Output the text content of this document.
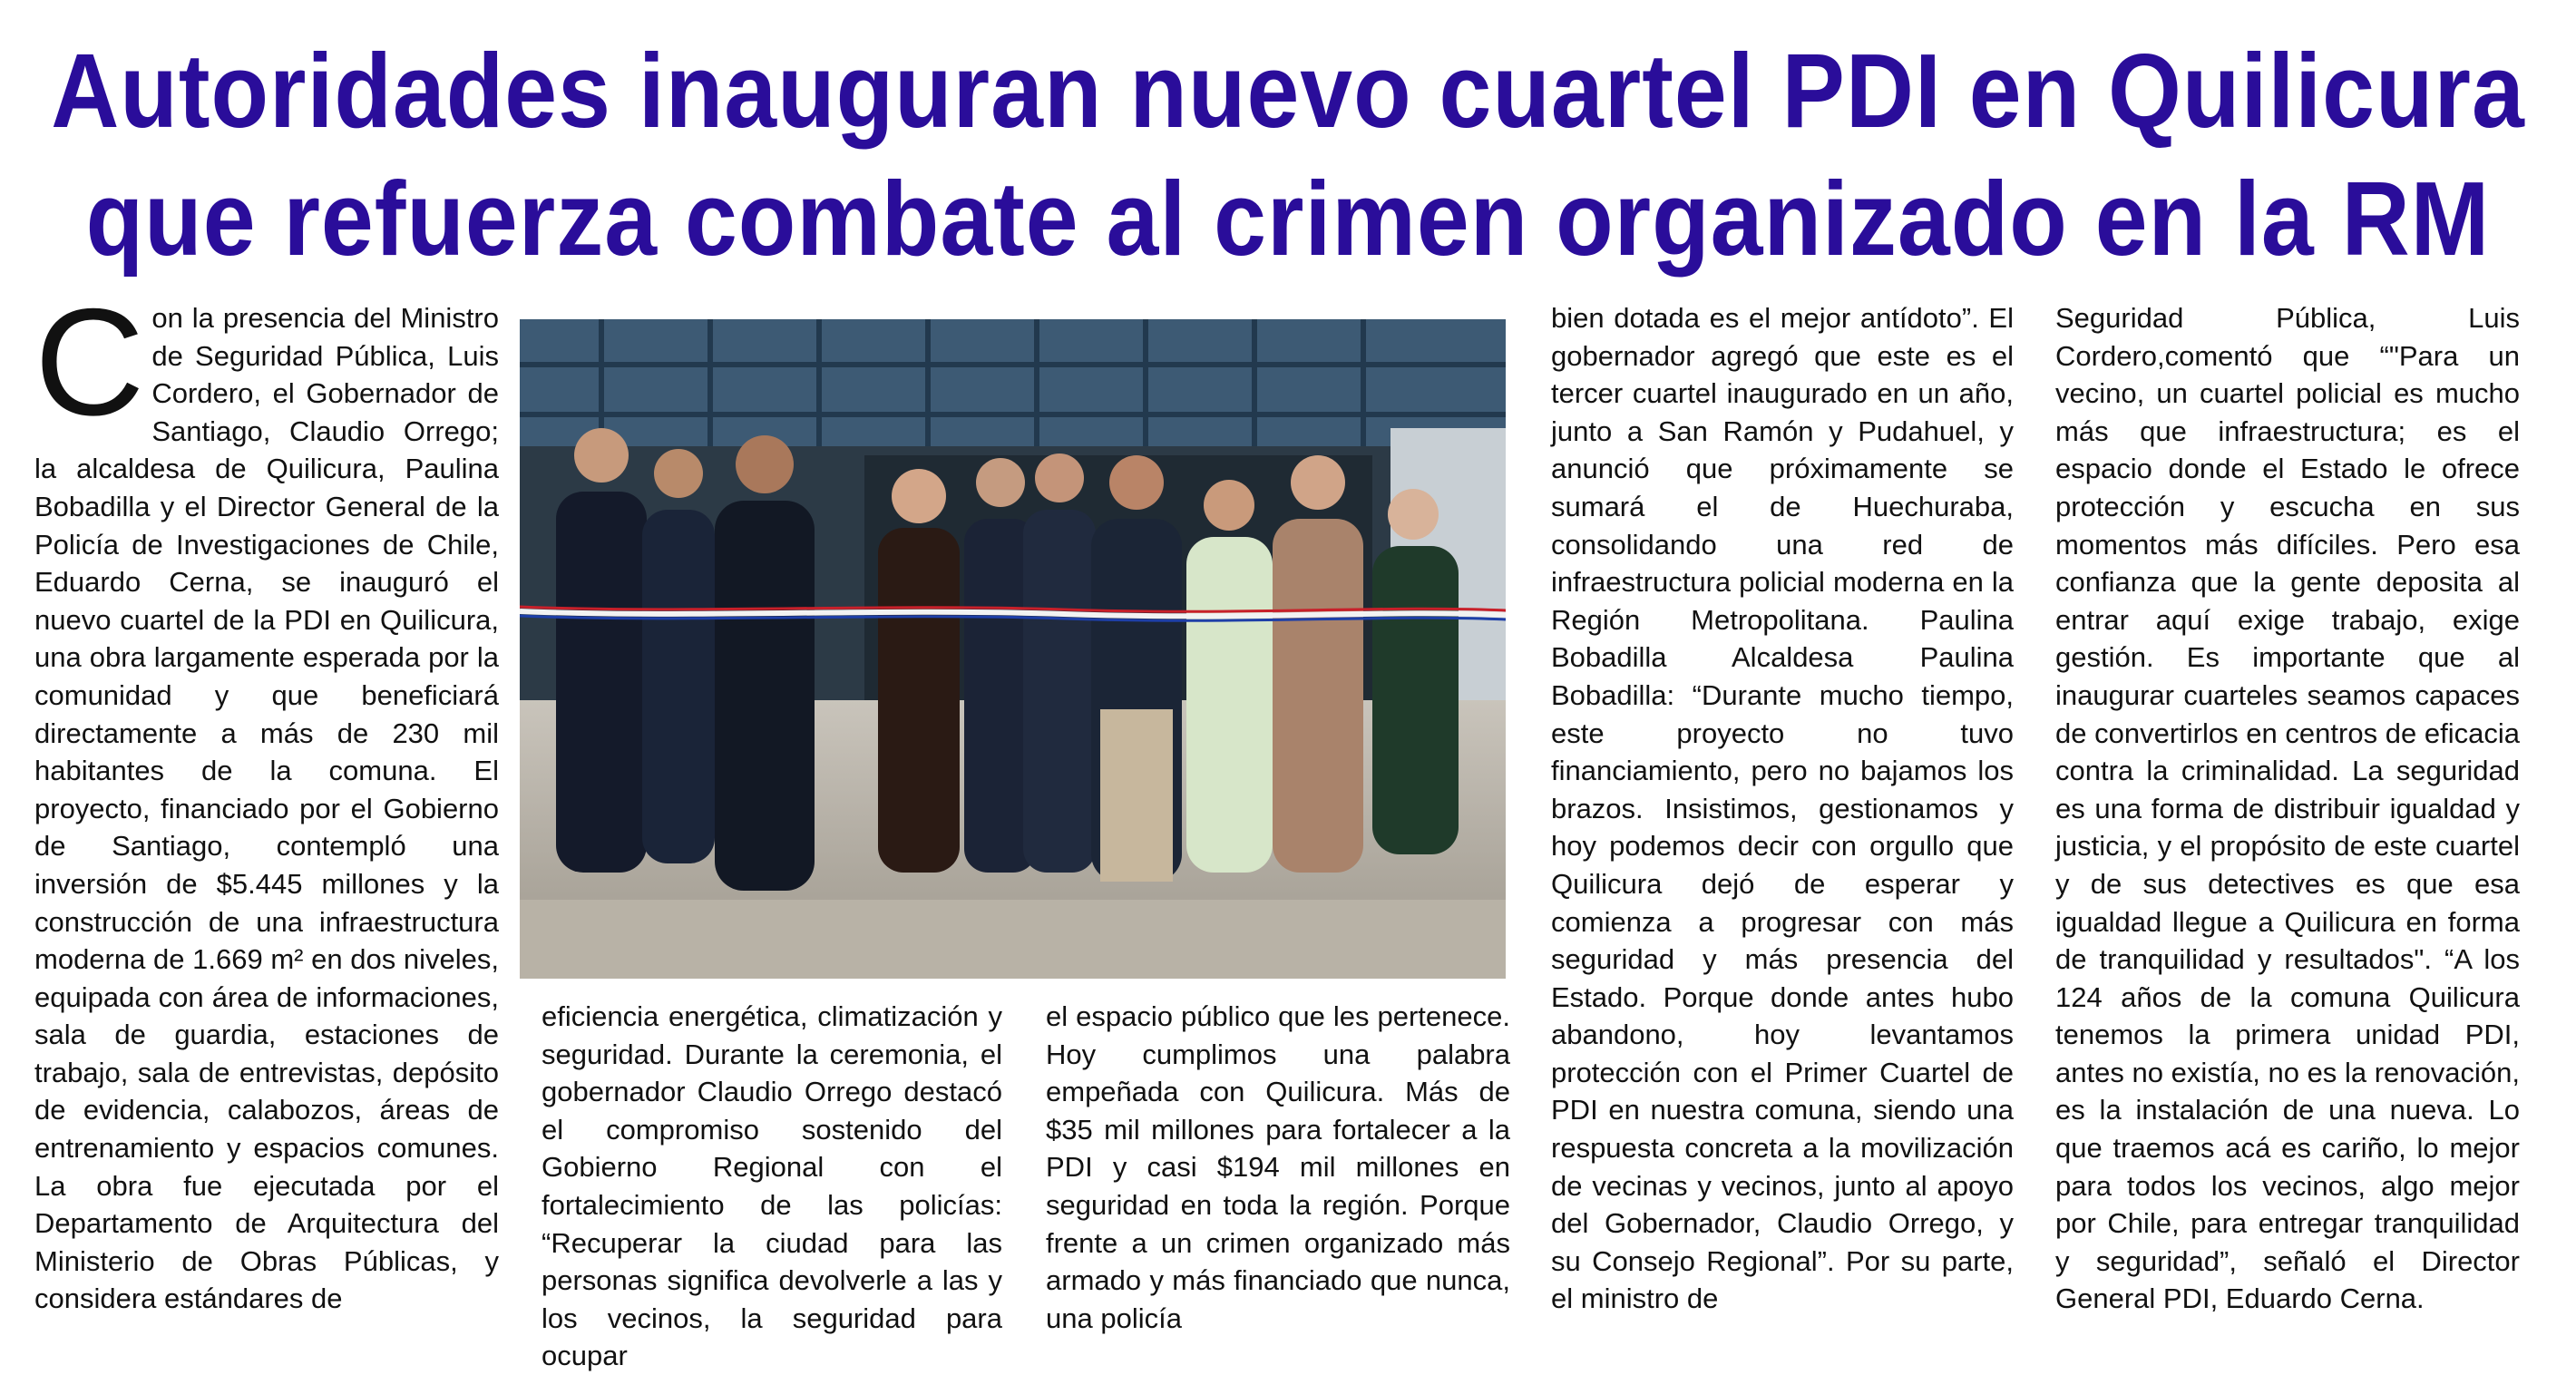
Autoridades inauguran nuevo cuartel PDI en Quilicura
que refuerza combate al crimen organizado en la RM
C on la presencia del Ministro de Seguridad Pública, Luis Cordero, el Gobernador de Santiago, Claudio Orrego; la alcaldesa de Quilicura, Paulina Bobadilla y el Director General de la Policía de Investigaciones de Chile, Eduardo Cerna, se inauguró el nuevo cuartel de la PDI en Quilicura, una obra largamente esperada por la comunidad y que beneficiará directamente a más de 230 mil habitantes de la comuna. El proyecto, financiado por el Gobierno de Santiago, contempló una inversión de $5.445 millones y la construcción de una infraestructura moderna de 1.669 m² en dos niveles, equipada con área de informaciones, sala de guardia, estaciones de trabajo, sala de entrevistas, depósito de evidencia, calabozos, áreas de entrenamiento y espacios comunes. La obra fue ejecutada por el Departamento de Arquitectura del Ministerio de Obras Públicas, y considera estándares de

eficiencia energética, climatización y seguridad. Durante la ceremonia, el gobernador Claudio Orrego destacó el compromiso sostenido del Gobierno Regional con el fortalecimiento de las policías: “Recuperar la ciudad para las personas significa devolverle a las y los vecinos, la seguridad para ocupar

el espacio público que les pertenece. Hoy cumplimos una palabra empeñada con Quilicura. Más de $35 mil millones para fortalecer a la PDI y casi $194 mil millones en seguridad en toda la región. Porque frente a un crimen organizado más armado y más financiado que nunca, una policía

bien dotada es el mejor antídoto”. El gobernador agregó que este es el tercer cuartel inaugurado en un año, junto a San Ramón y Pudahuel, y anunció que próximamente se sumará el de Huechuraba, consolidando una red de infraestructura policial moderna en la Región Metropolitana. Paulina Bobadilla Alcaldesa Paulina Bobadilla: “Durante mucho tiempo, este proyecto no tuvo financiamiento, pero no bajamos los brazos. Insistimos, gestionamos y hoy podemos decir con orgullo que Quilicura dejó de esperar y comienza a progresar con más seguridad y más presencia del Estado. Porque donde antes hubo abandono, hoy levantamos protección con el Primer Cuartel de PDI en nuestra comuna, siendo una respuesta concreta a la movilización de vecinas y vecinos, junto al apoyo del Gobernador, Claudio Orrego, y su Consejo Regional”. Por su parte, el ministro de

Seguridad Pública, Luis Cordero,comentó que “"Para un vecino, un cuartel policial es mucho más que infraestructura; es el espacio donde el Estado le ofrece protección y escucha en sus momentos más difíciles. Pero esa confianza que la gente deposita al entrar aquí exige trabajo, exige gestión. Es importante que al inaugurar cuarteles seamos capaces de convertirlos en centros de eficacia contra la criminalidad. La seguridad es una forma de distribuir igualdad y justicia, y el propósito de este cuartel y de sus detectives es que esa igualdad llegue a Quilicura en forma de tranquilidad y resultados". “A los 124 años de la comuna Quilicura tenemos la primera unidad PDI, antes no existía, no es la renovación, es la instalación de una nueva. Lo que traemos acá es cariño, lo mejor para todos los vecinos, algo mejor por Chile, para entregar tranquilidad y seguridad”, señaló el Director General PDI, Eduardo Cerna.
